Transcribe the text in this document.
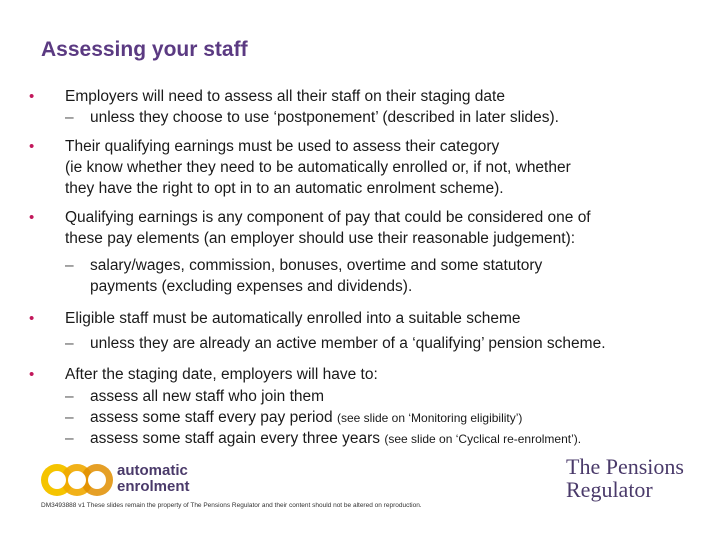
Assessing your staff
• Employers will need to assess all their staff on their staging date
– unless they choose to use ‘postponement’ (described in later slides).
• Their qualifying earnings must be used to assess their category
(ie know whether they need to be automatically enrolled or, if not, whether
they have the right to opt in to an automatic enrolment scheme).
• Qualifying earnings is any component of pay that could be considered one of
these pay elements (an employer should use their reasonable judgement):
– salary/wages, commission, bonuses, overtime and some statutory
payments (excluding expenses and dividends).
• Eligible staff must be automatically enrolled into a suitable scheme
– unless they are already an active member of a ‘qualifying’ pension scheme.
• After the staging date, employers will have to:
– assess all new staff who join them
– assess some staff every pay period (see slide on ‘Monitoring eligibility’)
– assess some staff again every three years (see slide on ‘Cyclical re-enrolment’).
automatic
enrolment
The Pensions
Regulator
DM3493888 v1 These slides remain the property of The Pensions Regulator and their content should not be altered on reproduction.
